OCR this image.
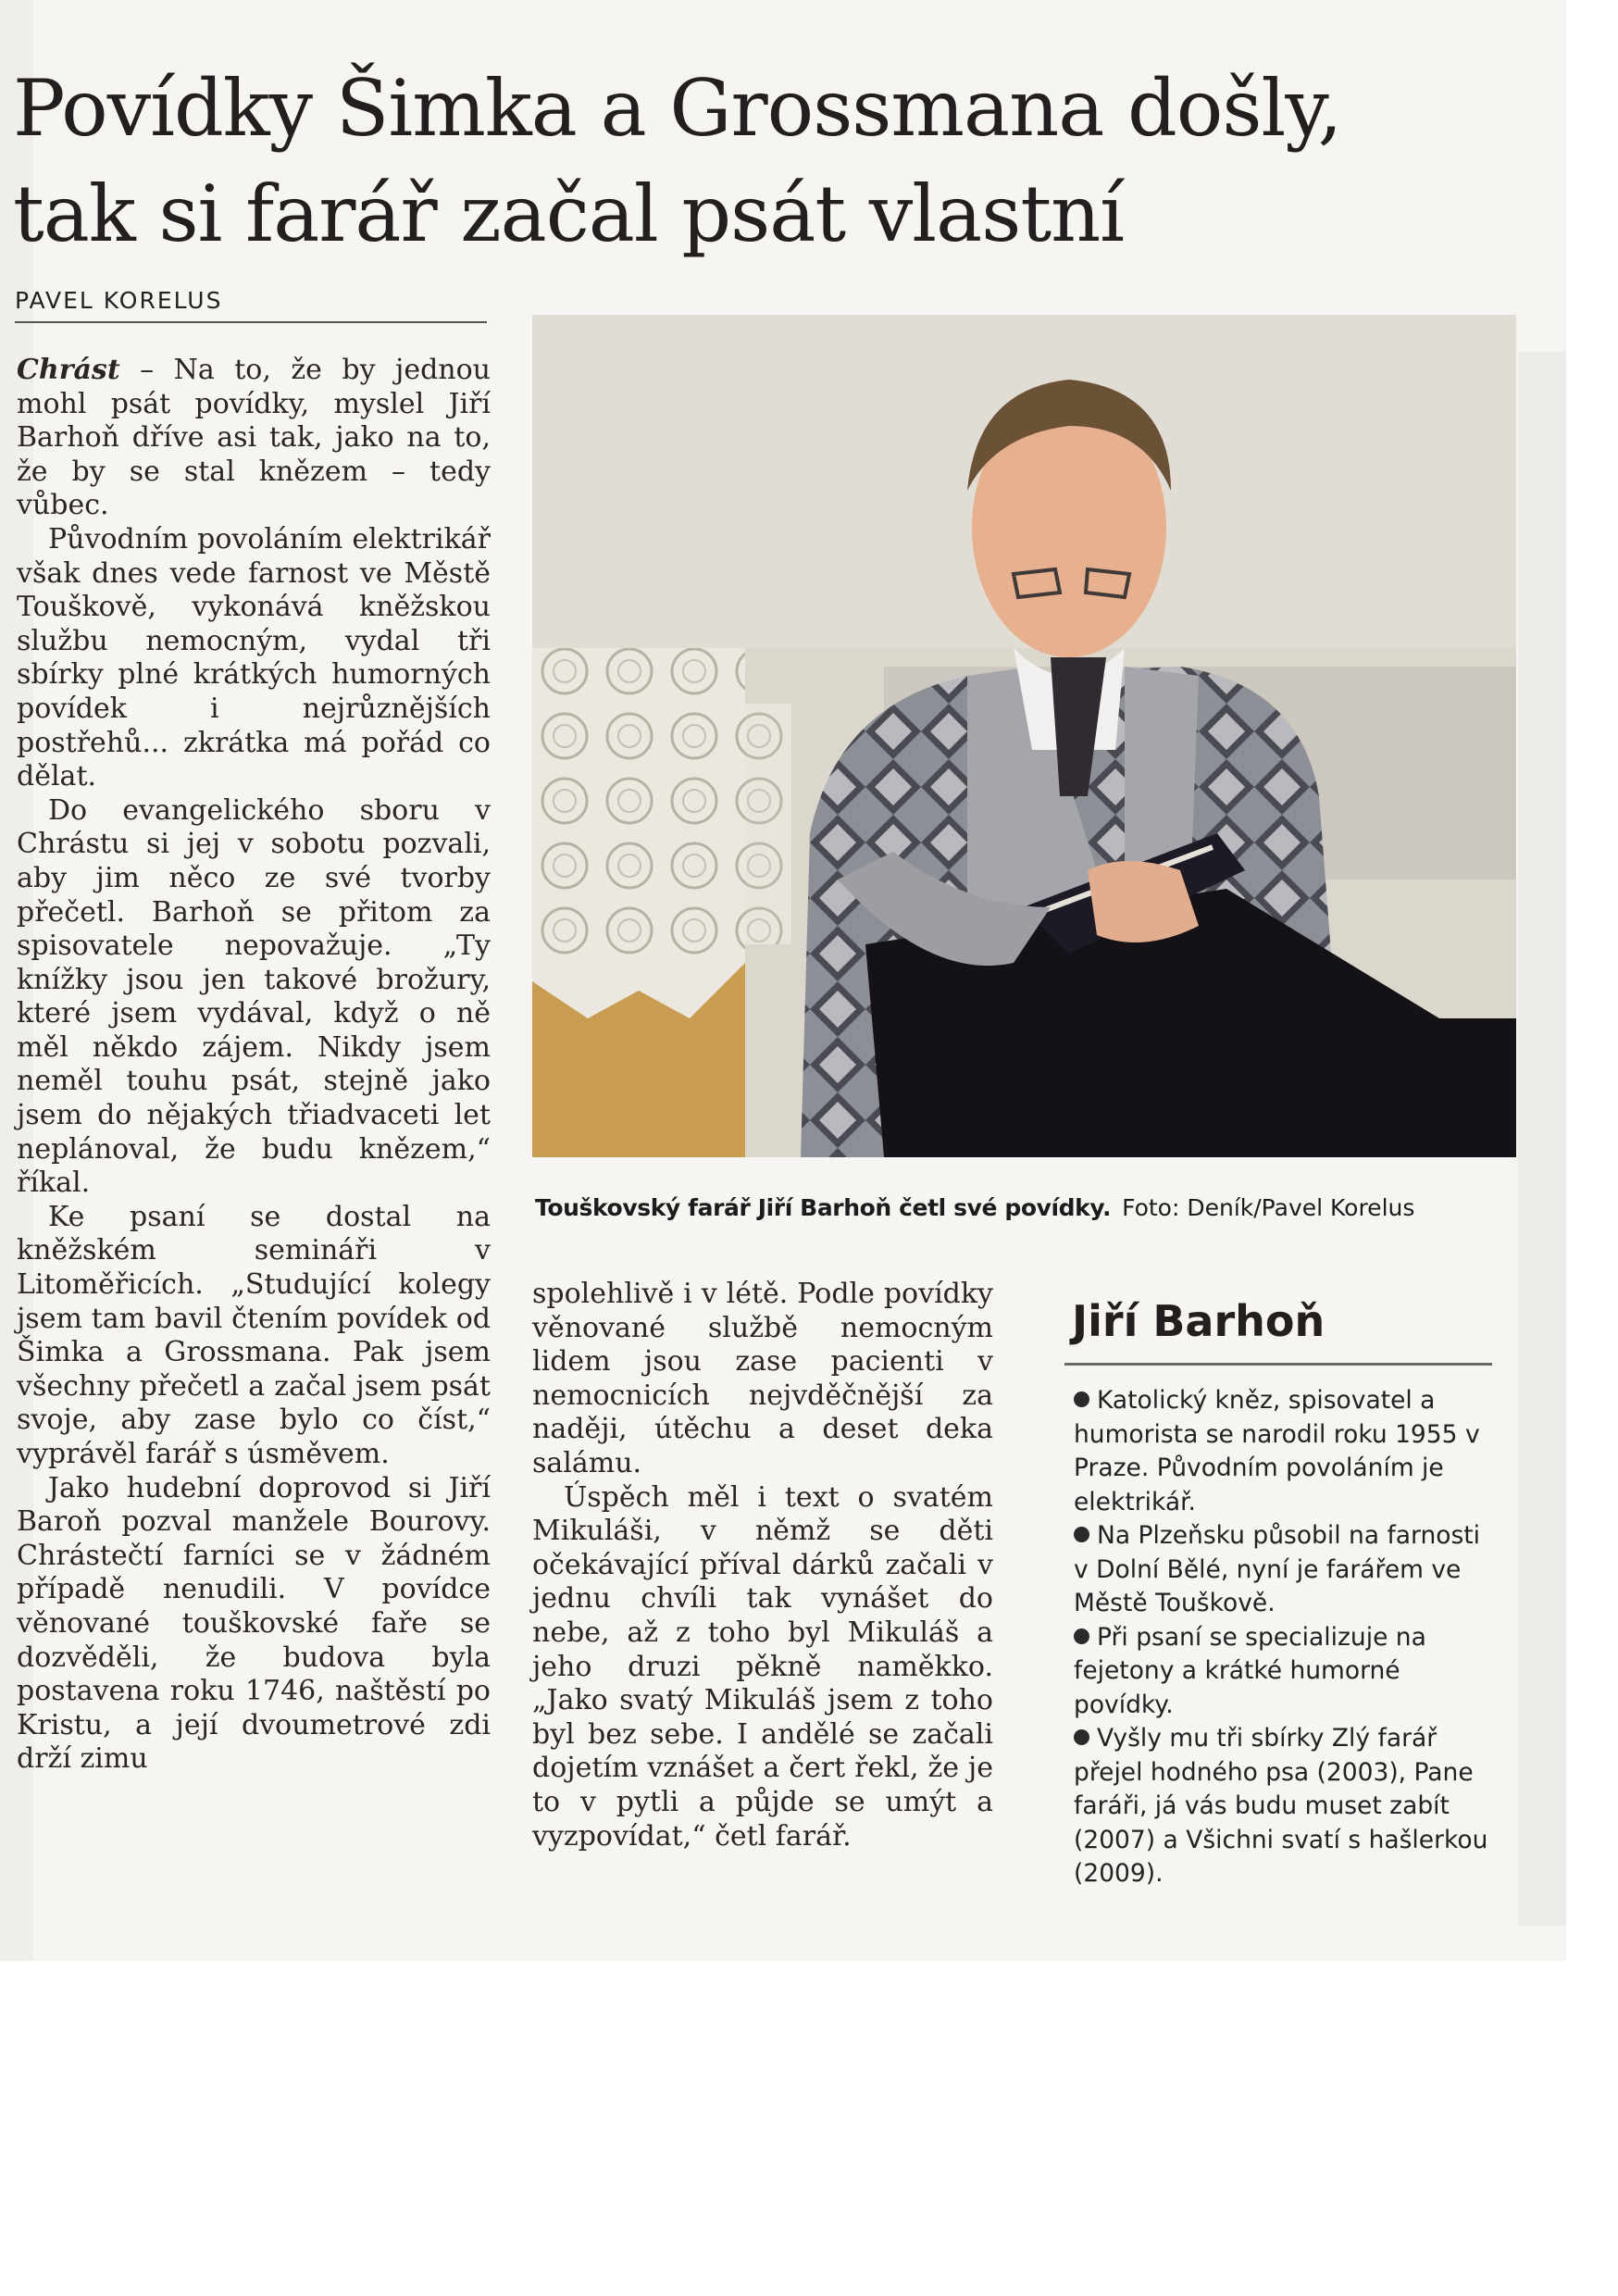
Povídky Šimka a Grossmana došly,
tak si farář začal psát vlastní
PAVEL KORELUS

Chrást – Na to, že by jednou mohl psát povídky, myslel Jiří Barhoň dříve asi tak, jako na to, že by se stal knězem – tedy vůbec.

Původním povoláním elektrikář však dnes vede farnost ve Městě Touškově, vykonává kněžskou službu nemocným, vydal tři sbírky plné krátkých humorných povídek i nejrůznějších postřehů... zkrátka má pořád co dělat.

Do evangelického sboru v Chrástu si jej v sobotu pozvali, aby jim něco ze své tvorby přečetl. Barhoň se přitom za spisovatele nepovažuje. „Ty knížky jsou jen takové brožury, které jsem vydával, když o ně měl někdo zájem. Nikdy jsem neměl touhu psát, stejně jako jsem do nějakých třiadvaceti let neplánoval, že budu knězem,“ říkal.

Ke psaní se dostal na kněžském semináři v Litoměřicích. „Studující kolegy jsem tam bavil čtením povídek od Šimka a Grossmana. Pak jsem všechny přečetl a začal jsem psát svoje, aby zase bylo co číst,“ vyprávěl farář s úsměvem.

Jako hudební doprovod si Jiří Baroň pozval manžele Bourovy. Chrástečtí farníci se v žádném případě nenudili. V povídce věnované touškovské faře se dozvěděli, že budova byla postavena roku 1746, naštěstí po Kristu, a její dvoumetrové zdi drží zimu

Touškovský farář Jiří Barhoň četl své povídky. Foto: Deník/Pavel Korelus

spolehlivě i v létě. Podle povídky věnované službě nemocným lidem jsou zase pacienti v nemocnicích nejvděčnější za naději, útěchu a deset deka salámu.

Úspěch měl i text o svatém Mikuláši, v němž se děti očekávající příval dárků začali v jednu chvíli tak vynášet do nebe, až z toho byl Mikuláš a jeho druzi pěkně naměkko. „Jako svatý Mikuláš jsem z toho byl bez sebe. I andělé se začali dojetím vznášet a čert řekl, že je to v pytli a půjde se umýt a vyzpovídat,“ četl farář.

Jiří Barhoň

Katolický kněz, spisovatel a humorista se narodil roku 1955 v Praze. Původním povoláním je elektrikář.

Na Plzeňsku působil na farnosti v Dolní Bělé, nyní je farářem ve Městě Touškově.

Při psaní se specializuje na fejetony a krátké humorné povídky.

Vyšly mu tři sbírky Zlý farář přejel hodného psa (2003), Pane faráři, já vás budu muset zabít (2007) a Všichni svatí s hašlerkou (2009).
